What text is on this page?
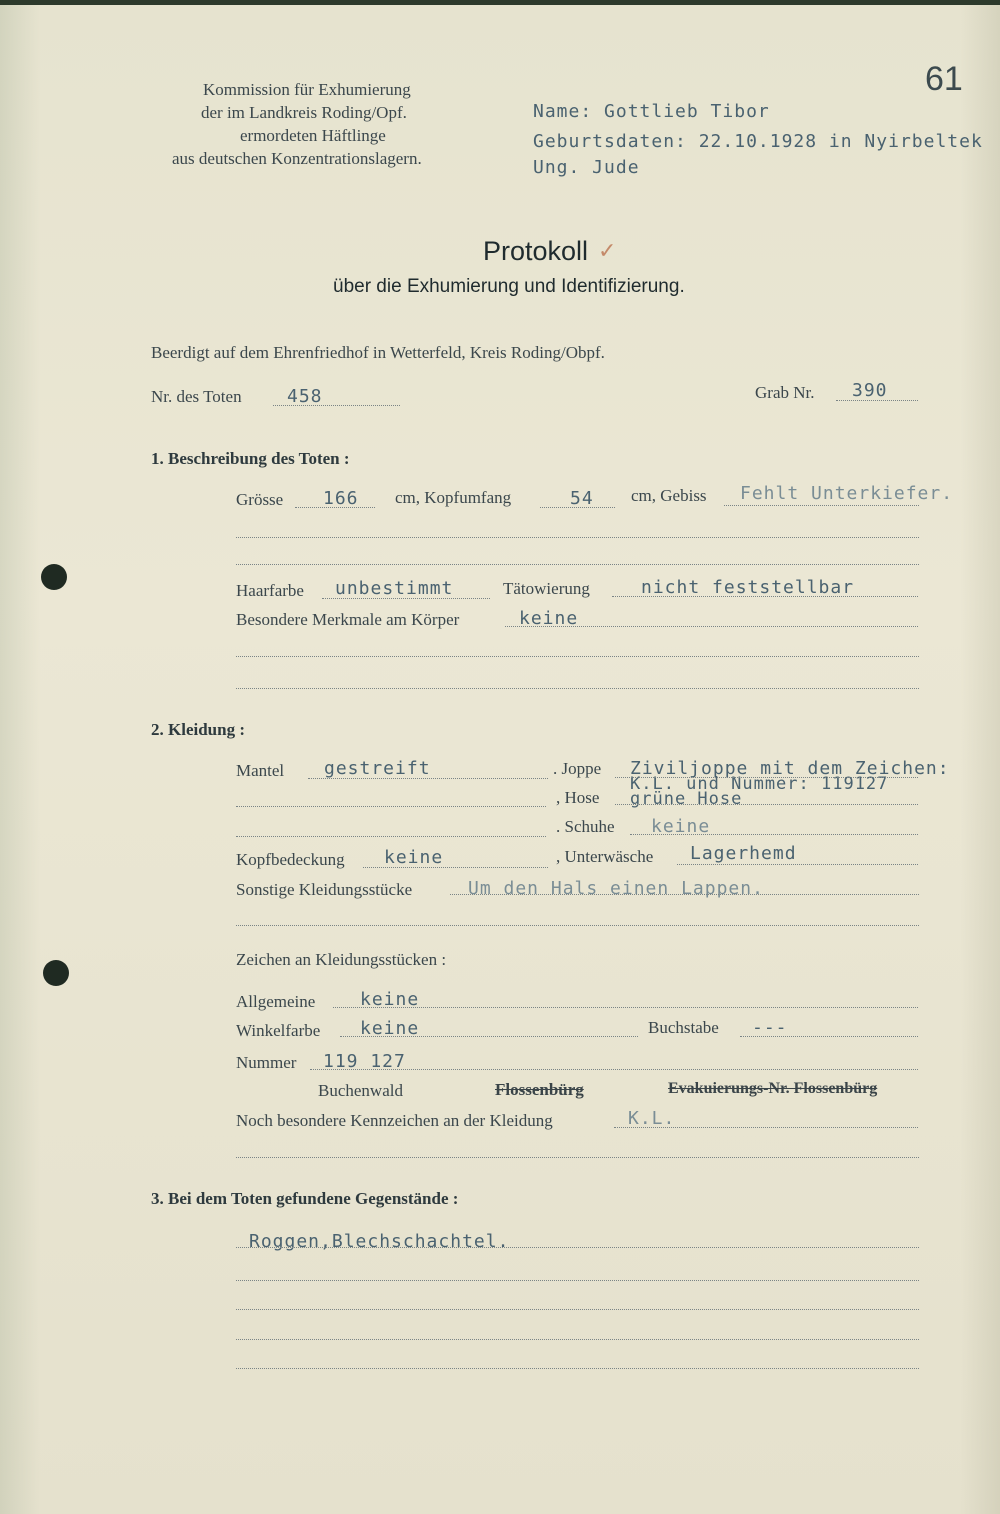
61
Kommission für Exhumierung
der im Landkreis Roding/Opf.
ermordeten Häftlinge
aus deutschen Konzentrationslagern.
Name: Gottlieb Tibor
Geburtsdaten: 22.10.1928 in Nyirbeltek
Ung. Jude
Protokoll ✓
über die Exhumierung und Identifizierung.
Beerdigt auf dem Ehrenfriedhof in Wetterfeld, Kreis Roding/Obpf.
Nr. des Toten	458	Grab Nr. 390
1. Beschreibung des Toten :
Grösse 166 cm, Kopfumfang	54 cm, Gebiss Fehlt Unterkiefer.
Haarfarbe unbestimmt	Tätowierung	nicht feststellbar
Besondere Merkmale am Körper	keine
2. Kleidung :
Mantel gestreift	. Joppe Ziviljoppe mit dem Zeichen:
K.L. und Nummer: 119127
, Hose grüne Hose
. Schuhe keine
Kopfbedeckung keine	, Unterwäsche Lagerhemd
Sonstige Kleidungsstücke	Um den Hals einen Lappen.
Zeichen an Kleidungsstücken :
Allgemeine keine
Winkelfarbe keine	Buchstabe ---
Nummer 119 127
Buchenwald	Flossenbürg	Evakuierungs-Nr. Flossenbürg
Noch besondere Kennzeichen an der Kleidung	K.L.
3. Bei dem Toten gefundene Gegenstände :
Roggen,Blechschachtel.
